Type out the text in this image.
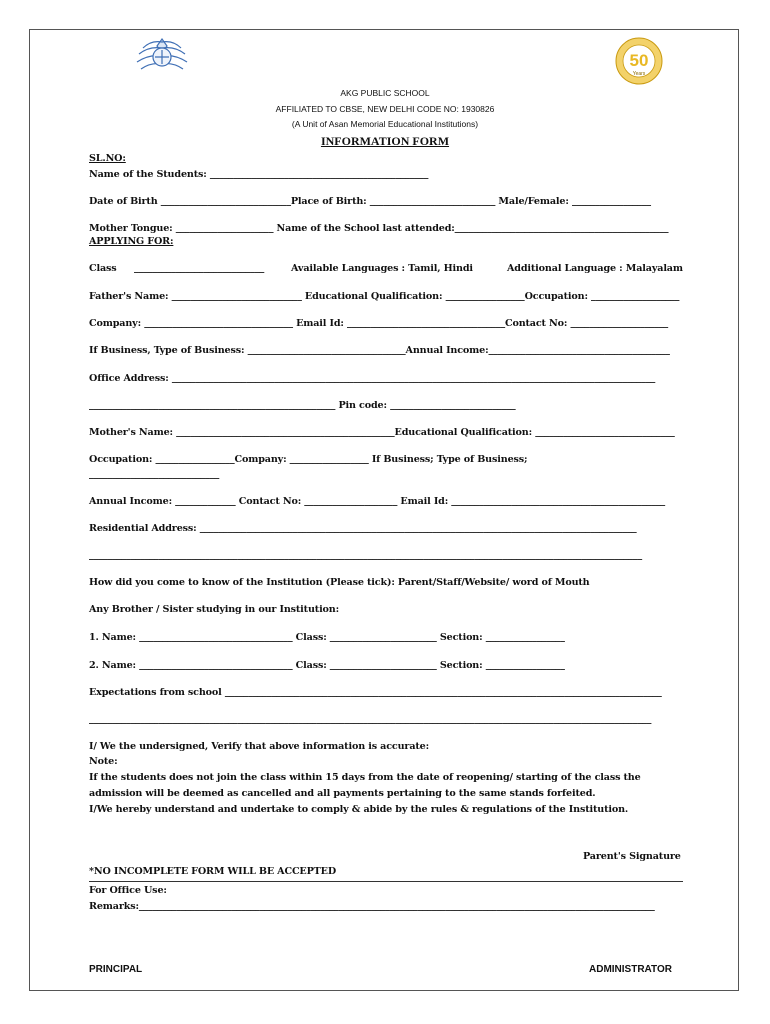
50
Years
AKG PUBLIC SCHOOL
AFFILIATED TO CBSE, NEW DELHI CODE NO: 1930826
(A Unit of Asan Memorial Educational Institutions)
INFORMATION FORM
SL.NO:
Name of the Students: _______________________________________________
Date of Birth ____________________________Place of Birth: ___________________________ Male/Female: _________________
Mother Tongue: _____________________ Name of the School last attended:______________________________________________
APPLYING FOR:
Class ____________________________	Available Languages : Tamil, Hindi	Additional Language : Malayalam
Father's Name: ____________________________ Educational Qualification: _________________Occupation: ___________________
Company: ________________________________ Email Id: __________________________________Contact No: _____________________
If Business, Type of Business: __________________________________Annual Income:_______________________________________
Office Address: ________________________________________________________________________________________________________
_____________________________________________________ Pin code: ___________________________
Mother's Name: _______________________________________________Educational Qualification: ______________________________
Occupation: _________________Company: _________________ If Business; Type of Business;
____________________________
Annual Income: _____________ Contact No: ____________________ Email Id: ______________________________________________
Residential Address: ______________________________________________________________________________________________
_______________________________________________________________________________________________________________________
How did you come to know of the Institution (Please tick): Parent/Staff/Website/ word of Mouth
Any Brother / Sister studying in our Institution:
1. Name: _________________________________ Class: _______________________ Section: _________________
2. Name: _________________________________ Class: _______________________ Section: _________________
Expectations from school ______________________________________________________________________________________________
_________________________________________________________________________________________________________________________
I/ We the undersigned, Verify that above information is accurate:
Note:
If the students does not join the class within 15 days from the date of reopening/ starting of the class the
admission will be deemed as cancelled and all payments pertaining to the same stands forfeited.
I/We hereby understand and undertake to comply & abide by the rules & regulations of the Institution.
Parent's Signature
*NO INCOMPLETE FORM WILL BE ACCEPTED
For Office Use:
Remarks:_______________________________________________________________________________________________________________
PRINCIPAL	ADMINISTRATOR
